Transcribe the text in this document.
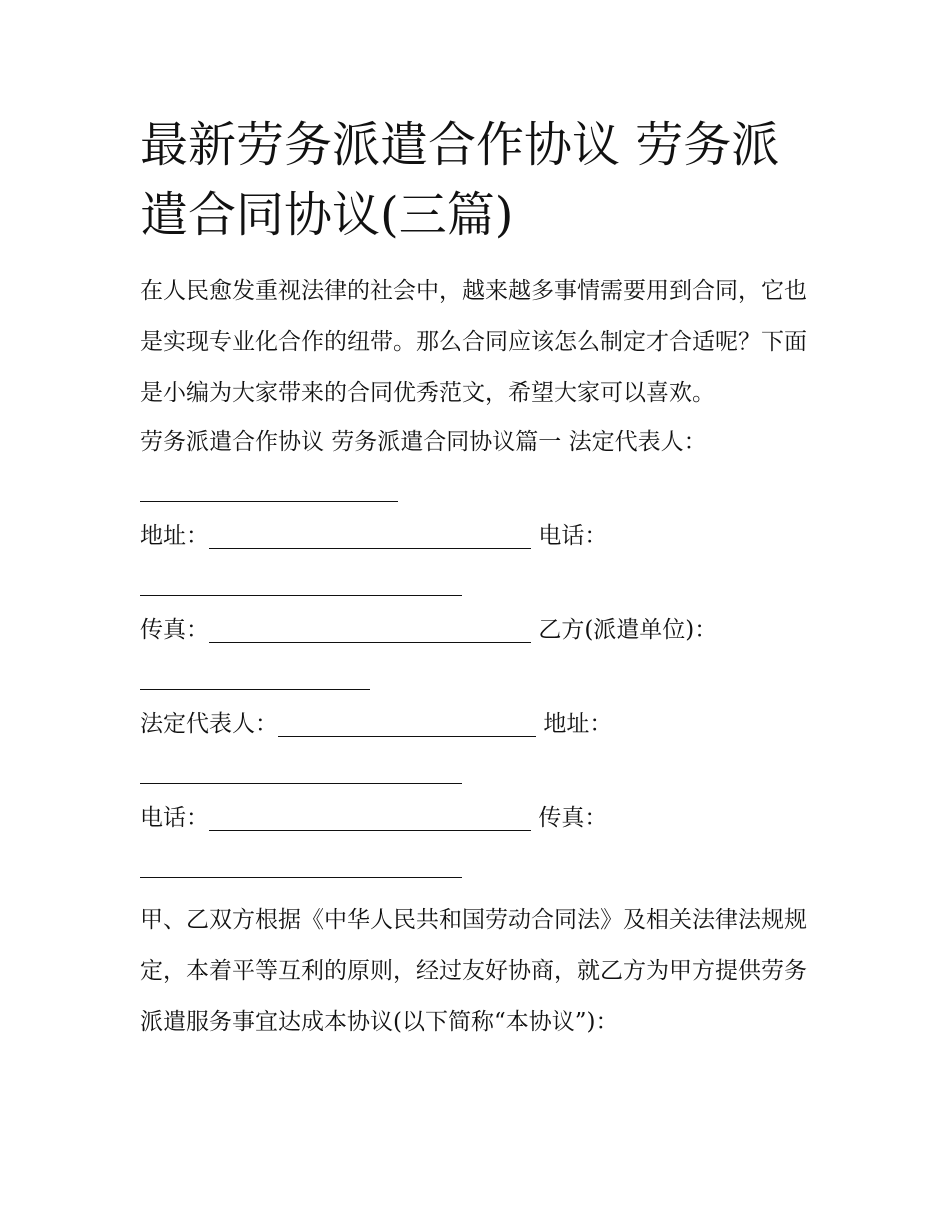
最新劳务派遣合作协议 劳务派遣合同协议(三篇)

在人民愈发重视法律的社会中，越来越多事情需要用到合同，它也是实现专业化合作的纽带。那么合同应该怎么制定才合适呢？下面是小编为大家带来的合同优秀范文，希望大家可以喜欢。

劳务派遣合作协议 劳务派遣合同协议篇一 法定代表人：

地址：	电话：

传真：	乙方(派遣单位)：

法定代表人：	地址：

电话：	传真：

甲、乙双方根据《中华人民共和国劳动合同法》及相关法律法规规定，本着平等互利的原则，经过友好协商，就乙方为甲方提供劳务派遣服务事宜达成本协议(以下简称“本协议”)：
